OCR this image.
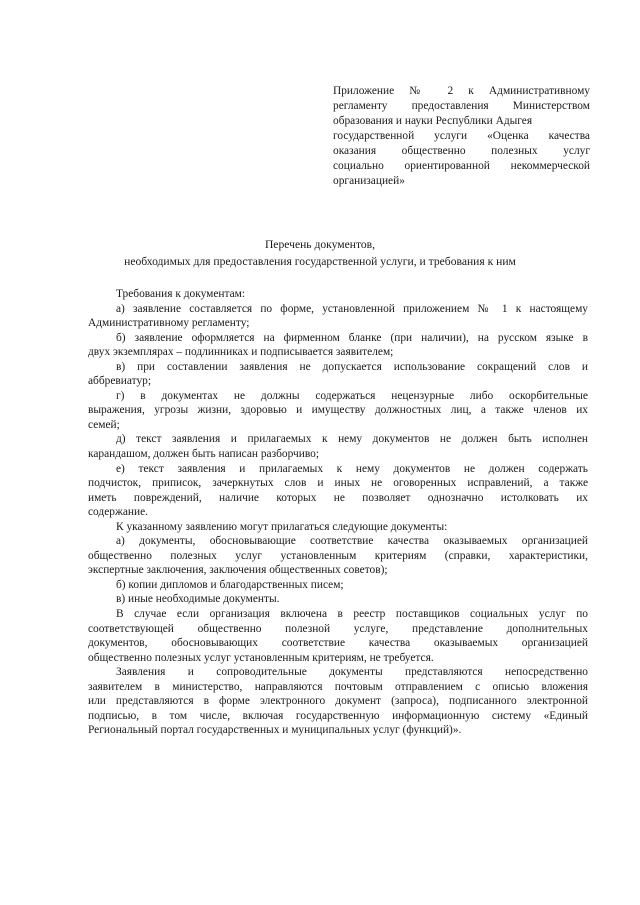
Приложение № 2 к Административному
регламенту предоставления Министерством
образования и науки Республики Адыгея
государственной услуги «Оценка качества
оказания общественно полезных услуг
социально ориентированной некоммерческой
организацией»
Перечень документов,
необходимых для предоставления государственной услуги, и требования к ним
Требования к документам:
а) заявление составляется по форме, установленной приложением № 1 к настоящему
Административному регламенту;
б) заявление оформляется на фирменном бланке (при наличии), на русском языке в
двух экземплярах – подлинниках и подписывается заявителем;
в) при составлении заявления не допускается использование сокращений слов и
аббревиатур;
г) в документах не должны содержаться нецензурные либо оскорбительные
выражения, угрозы жизни, здоровью и имуществу должностных лиц, а также членов их
семей;
д) текст заявления и прилагаемых к нему документов не должен быть исполнен
карандашом, должен быть написан разборчиво;
е) текст заявления и прилагаемых к нему документов не должен содержать
подчисток, приписок, зачеркнутых слов и иных не оговоренных исправлений, а также
иметь повреждений, наличие которых не позволяет однозначно истолковать их
содержание.
К указанному заявлению могут прилагаться следующие документы:
а) документы, обосновывающие соответствие качества оказываемых организацией
общественно полезных услуг установленным критериям (справки, характеристики,
экспертные заключения, заключения общественных советов);
б) копии дипломов и благодарственных писем;
в) иные необходимые документы.
В случае если организация включена в реестр поставщиков социальных услуг по
соответствующей общественно полезной услуге, представление дополнительных
документов, обосновывающих соответствие качества оказываемых организацией
общественно полезных услуг установленным критериям, не требуется.
Заявления и сопроводительные документы представляются непосредственно
заявителем в министерство, направляются почтовым отправлением с описью вложения
или представляются в форме электронного документ (запроса), подписанного электронной
подписью, в том числе, включая государственную информационную систему «Единый
Региональный портал государственных и муниципальных услуг (функций)».
